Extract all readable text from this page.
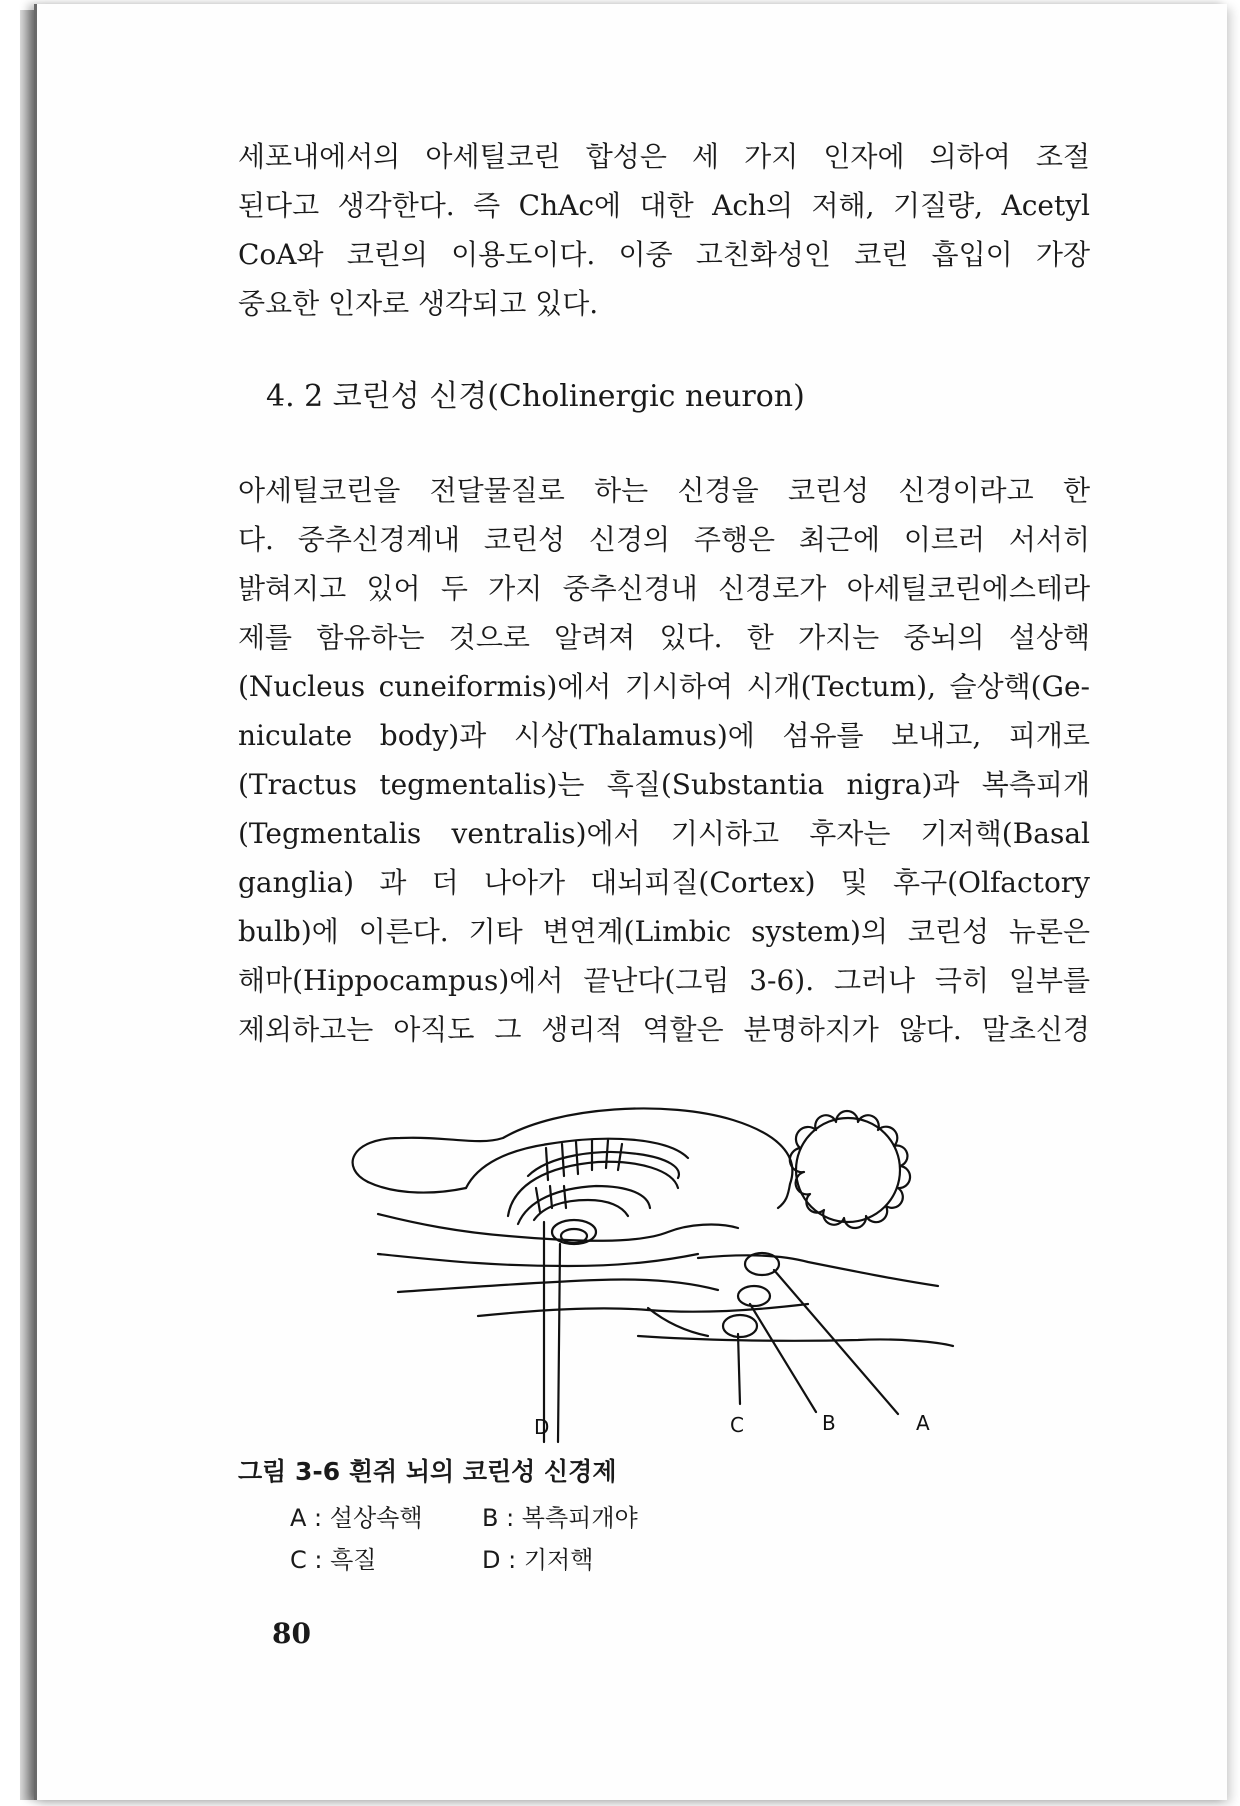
세포내에서의 아세틸코린 합성은 세 가지 인자에 의하여 조절

된다고 생각한다. 즉 ChAc에 대한 Ach의 저해, 기질량, Acetyl

CoA와 코린의 이용도이다. 이중 고친화성인 코린 흡입이 가장

중요한 인자로 생각되고 있다.

4. 2 코린성 신경(Cholinergic neuron)

아세틸코린을 전달물질로 하는 신경을 코린성 신경이라고 한

다. 중추신경계내 코린성 신경의 주행은 최근에 이르러 서서히

밝혀지고 있어 두 가지 중추신경내 신경로가 아세틸코린에스테라

제를 함유하는 것으로 알려져 있다. 한 가지는 중뇌의 설상핵

(Nucleus cuneiformis)에서 기시하여 시개(Tectum), 슬상핵(Ge-

niculate body)과 시상(Thalamus)에 섬유를 보내고, 피개로

(Tractus tegmentalis)는 흑질(Substantia nigra)과 복측피개

(Tegmentalis ventralis)에서 기시하고 후자는 기저핵(Basal

ganglia) 과 더 나아가 대뇌피질(Cortex) 및 후구(Olfactory

bulb)에 이른다. 기타 변연계(Limbic system)의 코린성 뉴론은

해마(Hippocampus)에서 끝난다(그림 3-6). 그러나 극히 일부를

제외하고는 아직도 그 생리적 역할은 분명하지가 않다. 말초신경

D	C	B	A
그림 3-6 흰쥐 뇌의 코린성 신경제
A : 설상속핵 B : 복측피개야
C : 흑질	D : 기저핵
80
